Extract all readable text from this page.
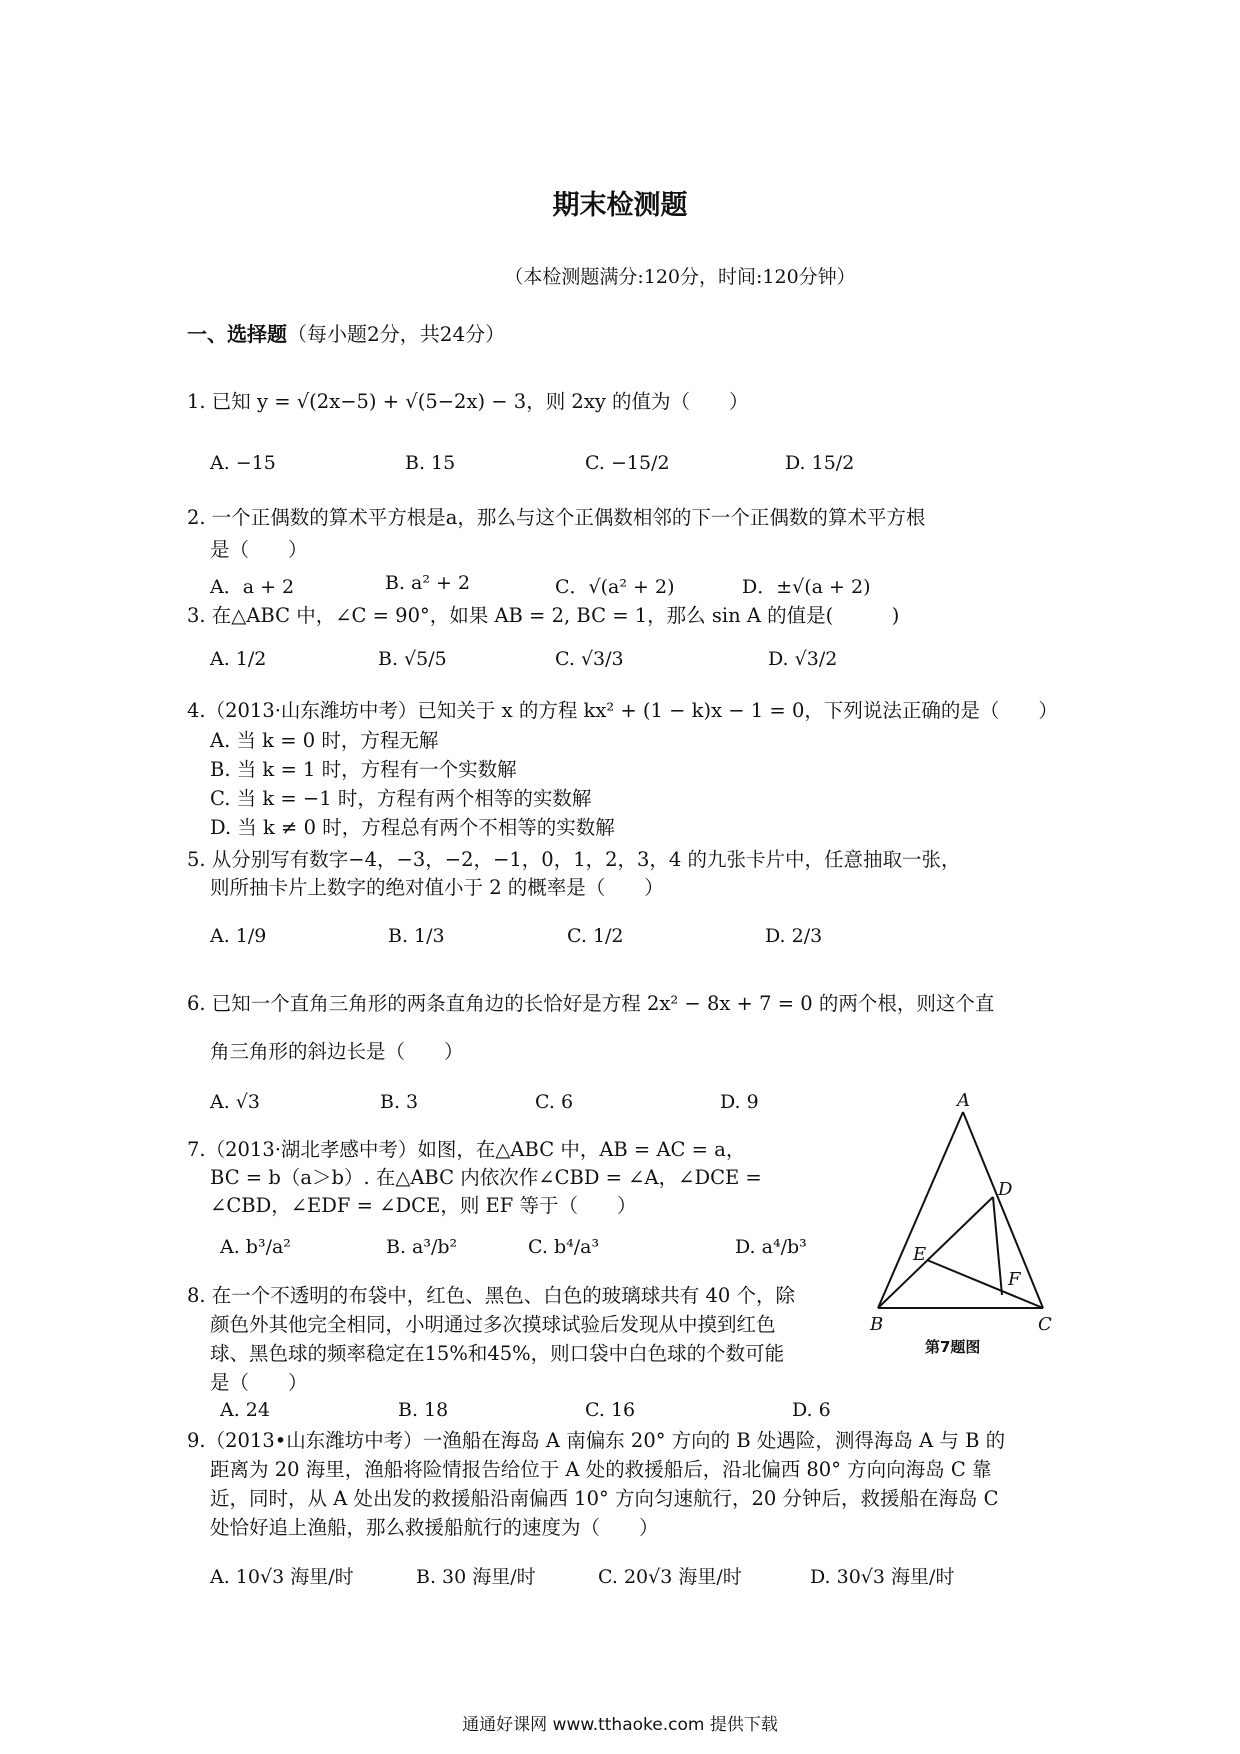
期末检测题
（本检测题满分:120分，时间:120分钟）
一、选择题（每小题2分，共24分）
1. 已知 y = √(2x−5) + √(5−2x) − 3，则 2xy 的值为（　　）
A. −15	B. 15	C. −15/2	D. 15/2
2. 一个正偶数的算术平方根是a，那么与这个正偶数相邻的下一个正偶数的算术平方根
是（　　）
A．a + 2	B. a² + 2	C．√(a² + 2)	D．±√(a + 2)
3. 在△ABC 中，∠C = 90°，如果 AB = 2, BC = 1，那么 sin A 的值是(　　　)
A. 1/2	B. √5/5	C. √3/3	D. √3/2
4.（2013·山东潍坊中考）已知关于 x 的方程 kx² + (1 − k)x − 1 = 0，下列说法正确的是（　　）
A. 当 k = 0 时，方程无解
B. 当 k = 1 时，方程有一个实数解
C. 当 k = −1 时，方程有两个相等的实数解
D. 当 k ≠ 0 时，方程总有两个不相等的实数解
5. 从分别写有数字−4，−3，−2，−1，0，1，2，3，4 的九张卡片中，任意抽取一张，
则所抽卡片上数字的绝对值小于 2 的概率是（　　）
A. 1/9	B. 1/3	C. 1/2	D. 2/3
6. 已知一个直角三角形的两条直角边的长恰好是方程 2x² − 8x + 7 = 0 的两个根，则这个直
角三角形的斜边长是（　　）
A. √3	B. 3	C. 6	D. 9
7.（2013·湖北孝感中考）如图，在△ABC 中，AB = AC = a，
BC = b（a＞b）. 在△ABC 内依次作∠CBD = ∠A，∠DCE =
∠CBD，∠EDF = ∠DCE，则 EF 等于（　　）
A. b³/a²	B. a³/b²	C. b⁴/a³	D. a⁴/b³
A
B	C
D
E
F
第7题图
8. 在一个不透明的布袋中，红色、黑色、白色的玻璃球共有 40 个，除
颜色外其他完全相同，小明通过多次摸球试验后发现从中摸到红色
球、黑色球的频率稳定在15%和45%，则口袋中白色球的个数可能
是（　　）
A. 24	B. 18	C. 16	D. 6
9.（2013•山东潍坊中考）一渔船在海岛 A 南偏东 20° 方向的 B 处遇险，测得海岛 A 与 B 的
距离为 20 海里，渔船将险情报告给位于 A 处的救援船后，沿北偏西 80° 方向向海岛 C 靠
近，同时，从 A 处出发的救援船沿南偏西 10° 方向匀速航行，20 分钟后，救援船在海岛 C
处恰好追上渔船，那么救援船航行的速度为（　　）
A. 10√3 海里/时	B. 30 海里/时	C. 20√3 海里/时	D. 30√3 海里/时
通通好课网 www.tthaoke.com 提供下载
